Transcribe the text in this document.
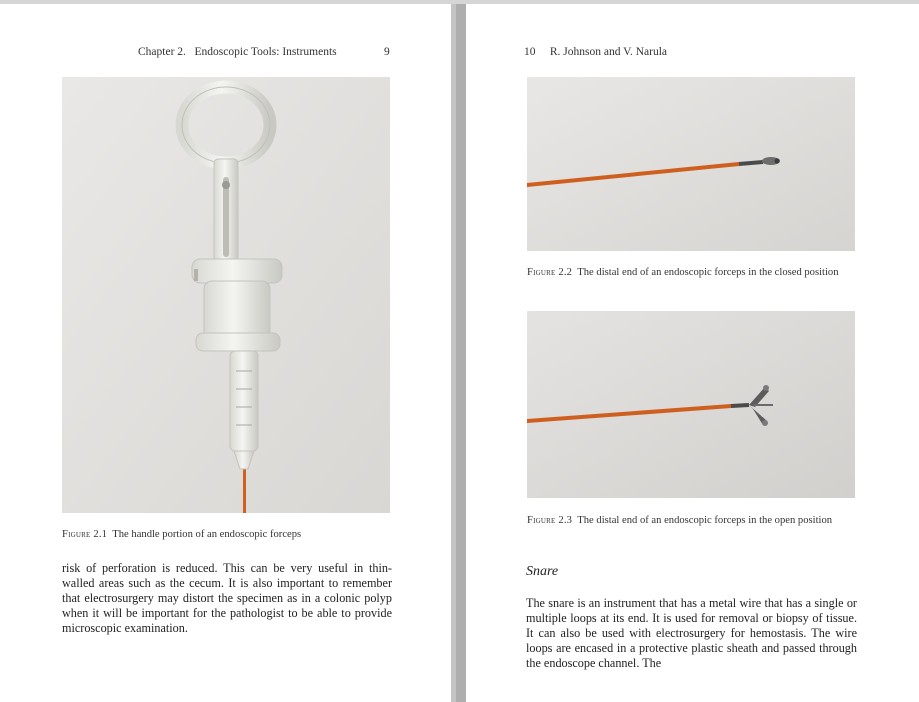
Chapter 2. Endoscopic Tools: Instruments	9
Figure 2.1 The handle portion of an endoscopic forceps
risk of perforation is reduced. This can be very useful in thin-walled areas such as the cecum. It is also important to remember that electrosurgery may distort the specimen as in a colonic polyp when it will be important for the pathologist to be able to provide microscopic examination.
10 R. Johnson and V. Narula
Figure 2.2 The distal end of an endoscopic forceps in the closed position
Figure 2.3 The distal end of an endoscopic forceps in the open position
Snare
The snare is an instrument that has a metal wire that has a single or multiple loops at its end. It is used for removal or biopsy of tissue. It can also be used with electrosurgery for hemostasis. The wire loops are encased in a protective plastic sheath and passed through the endoscope channel. The
